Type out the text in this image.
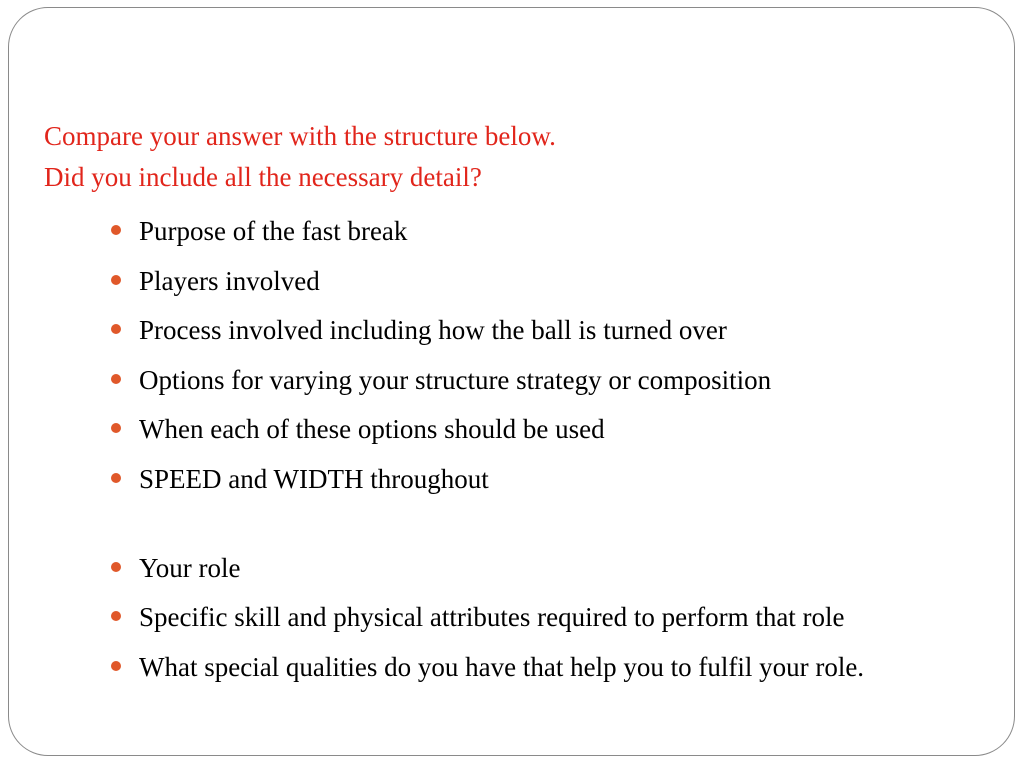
Compare your answer with the structure below.
Did you include all the necessary detail?
Purpose of the fast break
Players involved
Process involved including how the ball is turned over
Options for varying your structure strategy or composition
When each of these options should be used
SPEED and WIDTH throughout
Your role
Specific skill and physical attributes required to perform that role
What special qualities do you have that help you to fulfil your role.
